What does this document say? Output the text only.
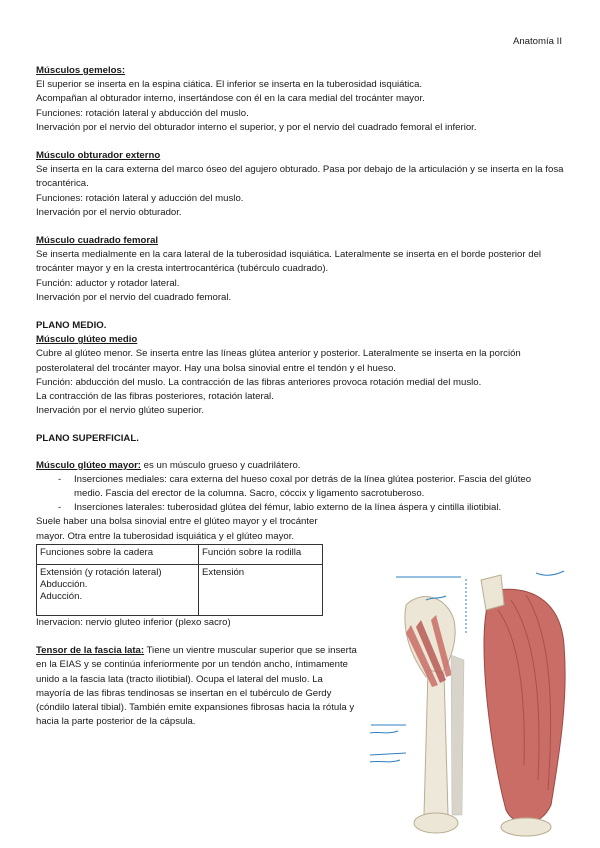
Anatomía II
Músculos gemelos:

El superior se inserta en la espina ciática. El inferior se inserta en la tuberosidad isquiática.

Acompañan al obturador interno, insertándose con él en la cara medial del trocánter mayor.

Funciones: rotación lateral y abducción del muslo.

Inervación por el nervio del obturador interno el superior, y por el nervio del cuadrado femoral el inferior.

Músculo obturador externo

Se inserta en la cara externa del marco óseo del agujero obturado. Pasa por debajo de la articulación y se inserta en la fosa trocantérica.

Funciones: rotación lateral y aducción del muslo.

Inervación por el nervio obturador.

Músculo cuadrado femoral

Se inserta medialmente en la cara lateral de la tuberosidad isquiática. Lateralmente se inserta en el borde posterior del trocánter mayor y en la cresta intertrocantérica (tubérculo cuadrado).

Función: aductor y rotador lateral.

Inervación por el nervio del cuadrado femoral.

PLANO MEDIO.
Músculo glúteo medio

Cubre al glúteo menor. Se inserta entre las líneas glútea anterior y posterior. Lateralmente se inserta en la porción posterolateral del trocánter mayor. Hay una bolsa sinovial entre el tendón y el hueso.

Función: abducción del muslo. La contracción de las fibras anteriores provoca rotación medial del muslo.

La contracción de las fibras posteriores, rotación lateral.

Inervación por el nervio glúteo superior.

PLANO SUPERFICIAL.

Músculo glúteo mayor: es un músculo grueso y cuadrilátero.

- Inserciones mediales: cara externa del hueso coxal por detrás de la línea glútea posterior. Fascia del glúteo medio. Fascia del erector de la columna. Sacro, cóccix y ligamento sacrotuberoso.
- Inserciones laterales: tuberosidad glútea del fémur, labio externo de la línea áspera y cintilla iliotibial.

Suele haber una bolsa sinovial entre el glúteo mayor y el trocánter mayor. Otra entre la tuberosidad isquiática y el glúteo mayor.

Funciones sobre la cadera	Función sobre la rodilla

Extensión (y rotación lateral)
Abducción.
Aducción.	Extensión

Inervacion: nervio gluteo inferior (plexo sacro)

Tensor de la fascia lata: Tiene un vientre muscular superior que se inserta en la EIAS y se continúa inferiormente por un tendón ancho, íntimamente unido a la fascia lata (tracto iliotibial). Ocupa el lateral del muslo. La mayoría de las fibras tendinosas se insertan en el tubérculo de Gerdy (cóndilo lateral tibial). También emite expansiones fibrosas hacia la rótula y hacia la parte posterior de la cápsula.
